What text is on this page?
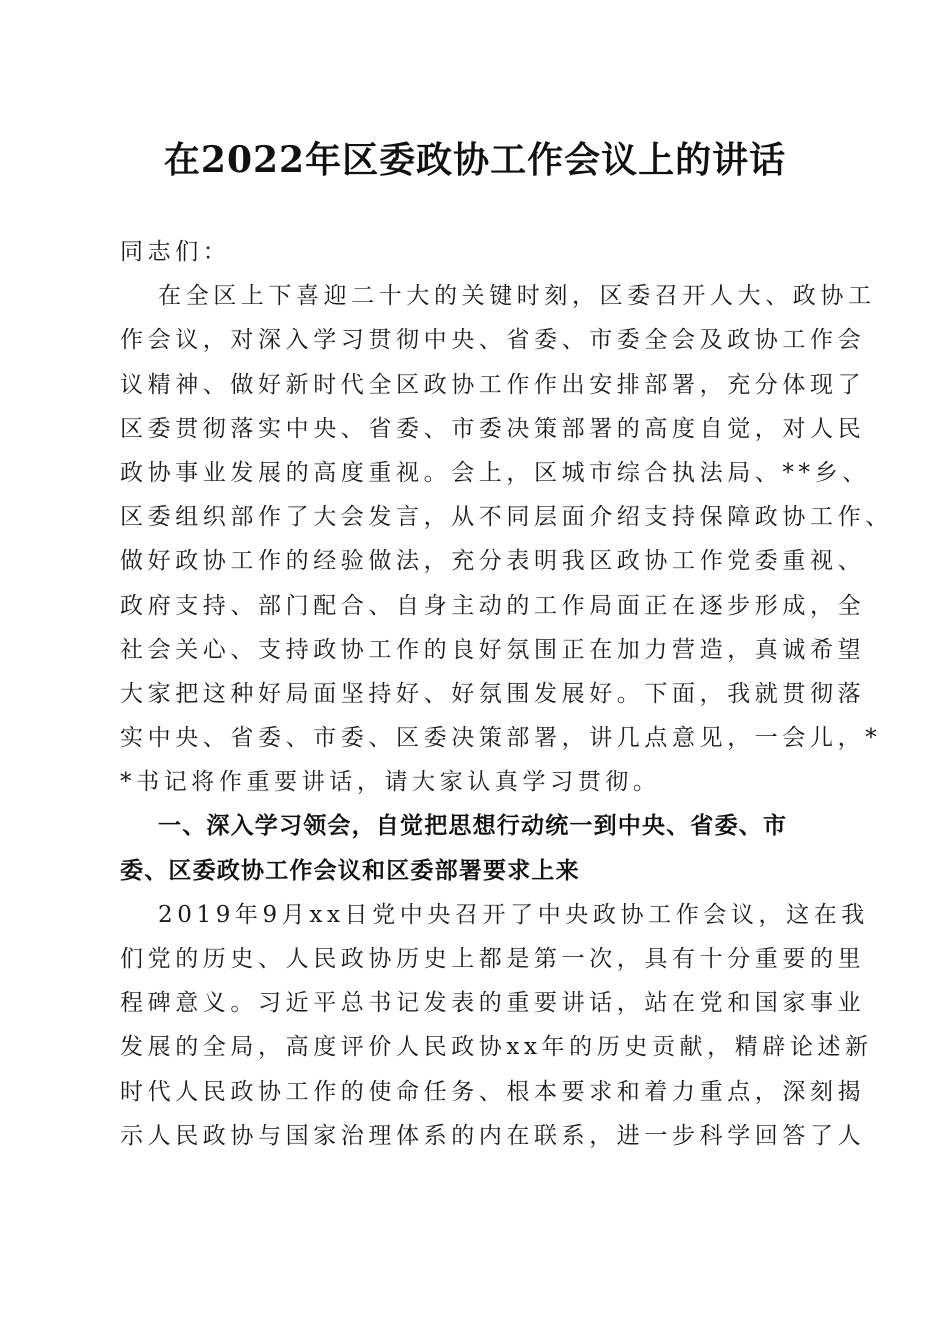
在2022年区委政协工作会议上的讲话
同志们：
在全区上下喜迎二十大的关键时刻，区委召开人大、政协工
作会议，对深入学习贯彻中央、省委、市委全会及政协工作会
议精神、做好新时代全区政协工作作出安排部署，充分体现了
区委贯彻落实中央、省委、市委决策部署的高度自觉，对人民
政协事业发展的高度重视。会上，区城市综合执法局、**乡、
区委组织部作了大会发言，从不同层面介绍支持保障政协工作、
做好政协工作的经验做法，充分表明我区政协工作党委重视、
政府支持、部门配合、自身主动的工作局面正在逐步形成，全
社会关心、支持政协工作的良好氛围正在加力营造，真诚希望
大家把这种好局面坚持好、好氛围发展好。下面，我就贯彻落
实中央、省委、市委、区委决策部署，讲几点意见，一会儿，*
*书记将作重要讲话，请大家认真学习贯彻。
一、深入学习领会，自觉把思想行动统一到中央、省委、市
委、区委政协工作会议和区委部署要求上来
2019年9月xx日党中央召开了中央政协工作会议，这在我
们党的历史、人民政协历史上都是第一次，具有十分重要的里
程碑意义。习近平总书记发表的重要讲话，站在党和国家事业
发展的全局，高度评价人民政协xx年的历史贡献，精辟论述新
时代人民政协工作的使命任务、根本要求和着力重点，深刻揭
示人民政协与国家治理体系的内在联系，进一步科学回答了人
